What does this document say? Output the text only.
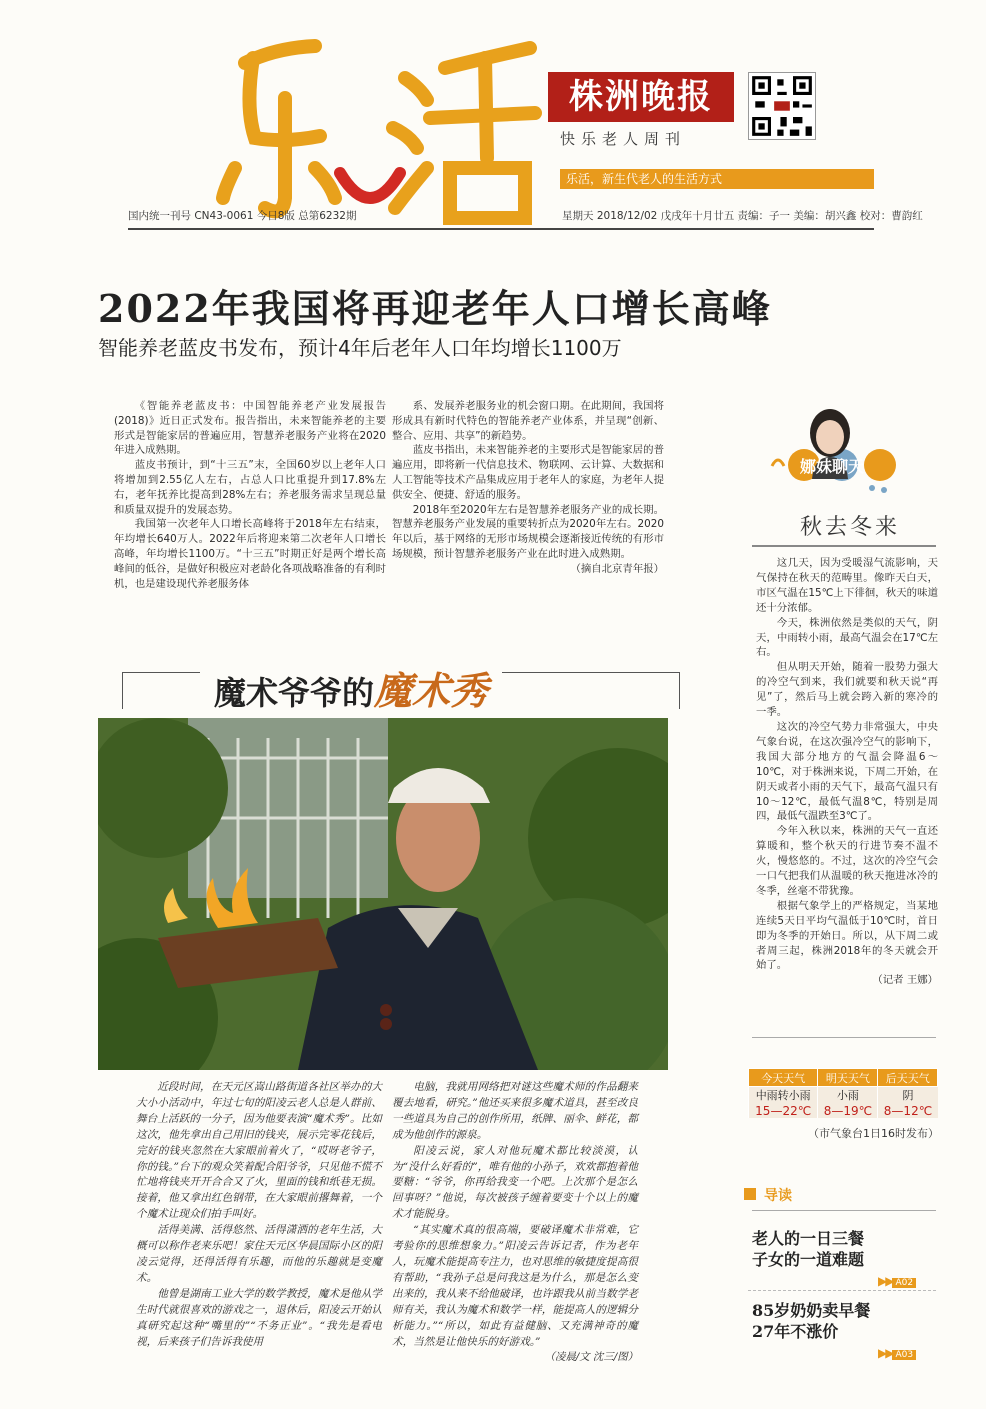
株洲晚报
快乐老人周刊
乐活，新生代老人的生活方式
国内统一刊号 CN43-0061 今日8版 总第6232期	星期天 2018/12/02 戊戌年十月廿五 责编：子一 美编：胡兴鑫 校对：曹韵红
2022年我国将再迎老年人口增长高峰
智能养老蓝皮书发布，预计4年后老年人口年均增长1100万

《智能养老蓝皮书：中国智能养老产业发展报告(2018)》近日正式发布。报告指出，未来智能养老的主要形式是智能家居的普遍应用，智慧养老服务产业将在2020年进入成熟期。

蓝皮书预计，到“十三五”末，全国60岁以上老年人口将增加到2.55亿人左右，占总人口比重提升到17.8%左右，老年抚养比提高到28%左右；养老服务需求呈现总量和质量双提升的发展态势。

我国第一次老年人口增长高峰将于2018年左右结束，年均增长640万人。2022年后将迎来第二次老年人口增长高峰，年均增长1100万。“十三五”时期正好是两个增长高峰间的低谷，是做好积极应对老龄化各项战略准备的有利时机，也是建设现代养老服务体

系、发展养老服务业的机会窗口期。在此期间，我国将形成具有新时代特色的智能养老产业体系，并呈现“创新、整合、应用、共享”的新趋势。

蓝皮书指出，未来智能养老的主要形式是智能家居的普遍应用，即将新一代信息技术、物联网、云计算、大数据和人工智能等技术产品集成应用于老年人的家庭，为老年人提供安全、便捷、舒适的服务。

2018年至2020年左右是智慧养老服务产业的成长期。智慧养老服务产业发展的重要转折点为2020年左右。2020年以后，基于网络的无形市场规模会逐渐接近传统的有形市场规模，预计智慧养老服务产业在此时进入成熟期。

（摘自北京青年报）
魔术爷爷的魔术秀

近段时间，在天元区嵩山路街道各社区举办的大大小小活动中，年过七旬的阳凌云老人总是人群前、舞台上活跃的一分子，因为他要表演“魔术秀”。比如这次，他先拿出自己用旧的钱夹，展示完零花钱后，完好的钱夹忽然在大家眼前着火了，“哎呀老爷子，你的钱。”台下的观众笑着配合阳爷爷，只见他不慌不忙地将钱夹开开合合又了火，里面的钱和纸巷无损。接着，他又拿出红色钢带，在大家眼前撂舞着，一个个魔术让现众们拍手叫好。

活得美满、活得悠然、活得潇洒的老年生活，大概可以称作老来乐吧！家住天元区华晨国际小区的阳凌云觉得，还得活得有乐趣，而他的乐趣就是变魔术。

他曾是湖南工业大学的数学教授，魔术是他从学生时代就很喜欢的游戏之一，退休后，阳凌云开始认真研究起这种“嘴里的”“不务正业”。“我先是看电视，后来孩子们告诉我使用

电脑，我就用网络把对谜这些魔术师的作品翻来覆去地看，研究。”他还买来很多魔术道具，甚至改良一些道具为自己的创作所用，纸牌、丽伞、鲜花，都成为他创作的源泉。

阳凌云说，家人对他玩魔术都比较淡漠，认为“没什么好看的”，唯有他的小孙子，欢欢都抱着他要糖：“爷爷，你再给我变一个吧。上次那个是怎么回事呀？”他说，每次被孩子缠着要变十个以上的魔术才能脱身。

“其实魔术真的很高端，要破译魔术非常难，它考验你的思维想象力。”阳凌云告诉记者，作为老年人，玩魔术能提高专注力，也对思维的敏捷度提高很有帮助，“我孙子总是问我这是为什么，那是怎么变出来的，我从来不给他破译，也许跟我从前当数学老师有关，我认为魔术和数学一样，能提高人的逻辑分析能力。”“所以，如此有益健脑、又充满神奇的魔术，当然是让他快乐的好游戏。”

（凌晨/文 沈三/图）
娜妹聊天
秋去冬来

这几天，因为受暖湿气流影响，天气保持在秋天的范畴里。像昨天白天，市区气温在15℃上下徘徊，秋天的味道还十分浓郁。

今天，株洲依然是类似的天气，阴天，中雨转小雨，最高气温会在17℃左右。

但从明天开始，随着一股势力强大的冷空气到来，我们就要和秋天说“再见”了，然后马上就会跨入新的寒冷的一季。

这次的冷空气势力非常强大，中央气象台说，在这次强冷空气的影响下，我国大部分地方的气温会降温6～10℃，对于株洲来说，下周二开始，在阴天或者小雨的天气下，最高气温只有10～12℃，最低气温8℃，特别是周四，最低气温跌至3℃了。

今年入秋以来，株洲的天气一直还算暖和，整个秋天的行进节奏不温不火，慢悠悠的。不过，这次的冷空气会一口气把我们从温暖的秋天拖进冰冷的冬季，丝毫不带犹豫。

根据气象学上的严格规定，当某地连续5天日平均气温低于10℃时，首日即为冬季的开始日。所以，从下周二或者周三起，株洲2018年的冬天就会开始了。

（记者 王娜）
今天天气	明天天气	后天天气
中雨转小雨	小雨	阴
15—22℃	8—19℃	8—12℃
（市气象台1日16时发布）
导读
老人的一日三餐
子女的一道难题
▶▶ A02
85岁奶奶卖早餐
27年不涨价
▶▶ A03
